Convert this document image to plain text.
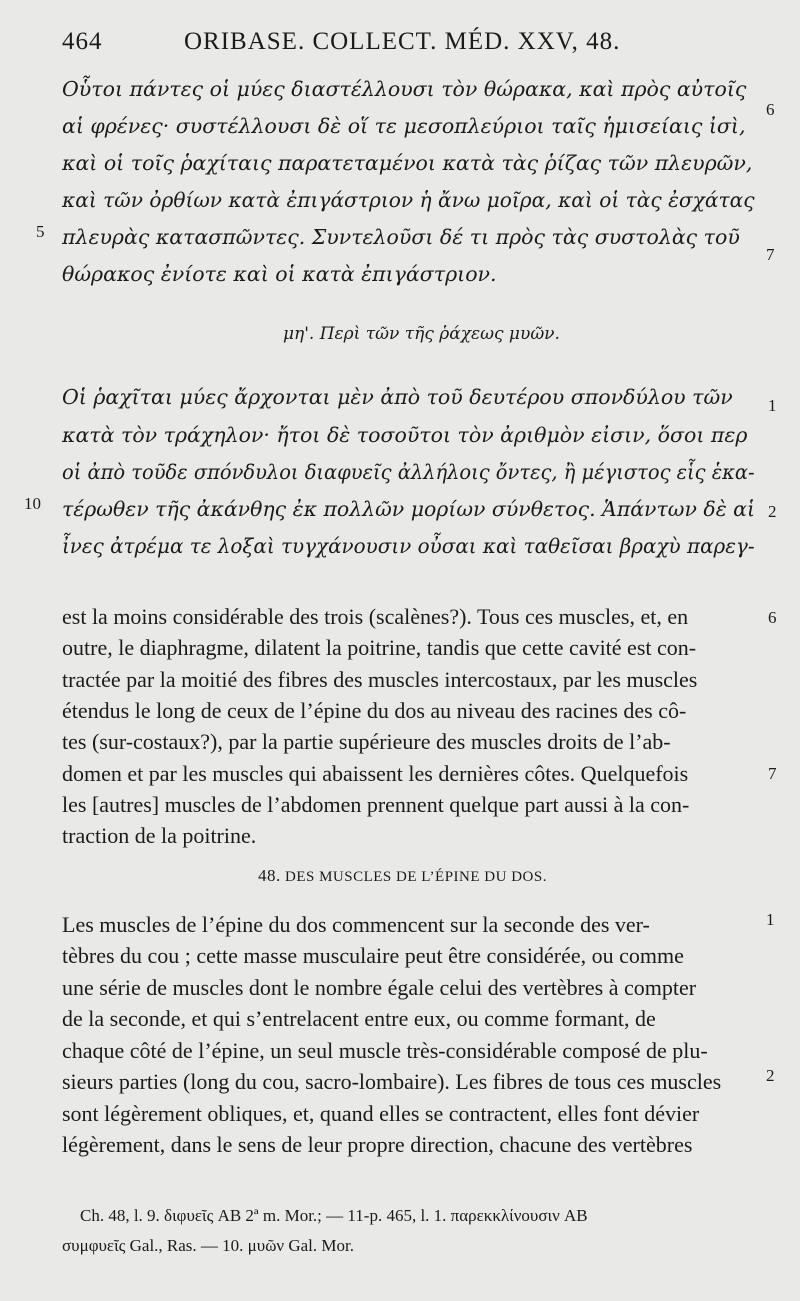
464	ORIBASE. COLLECT. MÉD. XXV, 48.
Οὗτοι πάντες οἱ μύες διαστέλλουσι τὸν θώρακα, καὶ πρὸς αὐτοῖς
αἱ φρένες· συστέλλουσι δὲ οἵ τε μεσοπλεύριοι ταῖς ἡμισείαις ἰσὶ,
καὶ οἱ τοῖς ῥαχίταις παρατεταμένοι κατὰ τὰς ῥίζας τῶν πλευρῶν,
καὶ τῶν ὀρθίων κατὰ ἐπιγάστριον ἡ ἄνω μοῖρα, καὶ οἱ τὰς ἐσχάτας
πλευρὰς κατασπῶντες. Συντελοῦσι δέ τι πρὸς τὰς συστολὰς τοῦ
θώρακος ἐνίοτε καὶ οἱ κατὰ ἐπιγάστριον.
μη'. Περὶ τῶν τῆς ῥάχεως μυῶν.
Οἱ ῥαχῖται μύες ἄρχονται μὲν ἀπὸ τοῦ δευτέρου σπονδύλου τῶν
κατὰ τὸν τράχηλον· ἤτοι δὲ τοσοῦτοι τὸν ἀριθμὸν εἰσιν, ὅσοι περ
οἱ ἀπὸ τοῦδε σπόνδυλοι διαφυεῖς ἀλλήλοις ὄντες, ἢ μέγιστος εἷς ἑκα-
τέρωθεν τῆς ἀκάνθης ἐκ πολλῶν μορίων σύνθετος. Ἁπάντων δὲ αἱ
ἶνες ἀτρέμα τε λοξαὶ τυγχάνουσιν οὖσαι καὶ ταθεῖσαι βραχὺ παρεγ-
est la moins considérable des trois (scalènes?). Tous ces muscles, et, en
outre, le diaphragme, dilatent la poitrine, tandis que cette cavité est con-
tractée par la moitié des fibres des muscles intercostaux, par les muscles
étendus le long de ceux de l’épine du dos au niveau des racines des cô-
tes (sur-costaux?), par la partie supérieure des muscles droits de l’ab-
domen et par les muscles qui abaissent les dernières côtes. Quelquefois
les [autres] muscles de l’abdomen prennent quelque part aussi à la con-
traction de la poitrine.
48. DES MUSCLES DE L’ÉPINE DU DOS.
Les muscles de l’épine du dos commencent sur la seconde des ver-
tèbres du cou ; cette masse musculaire peut être considérée, ou comme
une série de muscles dont le nombre égale celui des vertèbres à compter
de la seconde, et qui s’entrelacent entre eux, ou comme formant, de
chaque côté de l’épine, un seul muscle très-considérable composé de plu-
sieurs parties (long du cou, sacro-lombaire). Les fibres de tous ces muscles
sont légèrement obliques, et, quand elles se contractent, elles font dévier
légèrement, dans le sens de leur propre direction, chacune des vertèbres
5
10
6
7
1
2
6
7
1
2
Ch. 48, l. 9. διφυεῖς AB 2ª m. Mor.; — 11-p. 465, l. 1. παρεκκλίνουσιν AB
συμφυεῖς Gal., Ras. — 10. μυῶν Gal. Mor.
